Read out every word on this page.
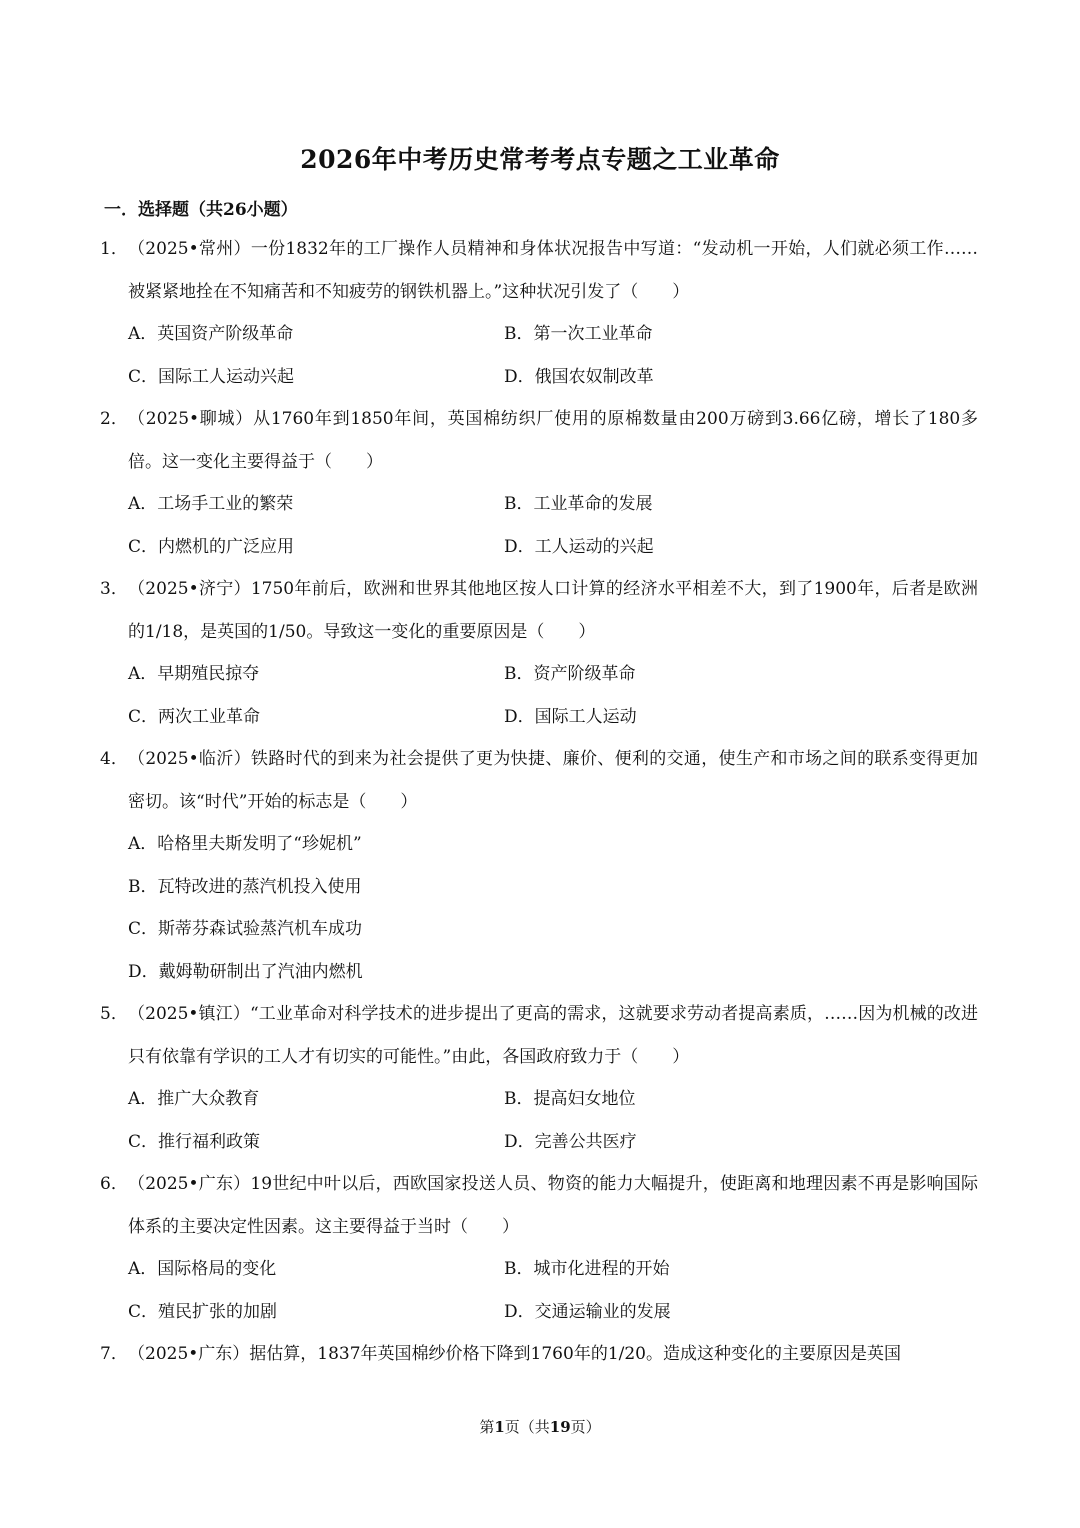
2026年中考历史常考考点专题之工业革命
一．选择题（共26小题）
1． （2025•常州）一份1832年的工厂操作人员精神和身体状况报告中写道：“发动机一开始，人们就必须工作……被紧紧地拴在不知痛苦和不知疲劳的钢铁机器上。”这种状况引发了（　　）
A．英国资产阶级革命	B．第一次工业革命
C．国际工人运动兴起	D．俄国农奴制改革
2． （2025•聊城）从1760年到1850年间，英国棉纺织厂使用的原棉数量由200万磅到3.66亿磅，增长了180多倍。这一变化主要得益于（　　）
A．工场手工业的繁荣	B．工业革命的发展
C．内燃机的广泛应用	D．工人运动的兴起
3． （2025•济宁）1750年前后，欧洲和世界其他地区按人口计算的经济水平相差不大，到了1900年，后者是欧洲的1/18，是英国的1/50。导致这一变化的重要原因是（　　）
A．早期殖民掠夺	B．资产阶级革命
C．两次工业革命	D．国际工人运动
4． （2025•临沂）铁路时代的到来为社会提供了更为快捷、廉价、便利的交通，使生产和市场之间的联系变得更加密切。该“时代”开始的标志是（　　）
A．哈格里夫斯发明了“珍妮机”
B．瓦特改进的蒸汽机投入使用
C．斯蒂芬森试验蒸汽机车成功
D．戴姆勒研制出了汽油内燃机
5． （2025•镇江）“工业革命对科学技术的进步提出了更高的需求，这就要求劳动者提高素质，……因为机械的改进只有依靠有学识的工人才有切实的可能性。”由此，各国政府致力于（　　）
A．推广大众教育	B．提高妇女地位
C．推行福利政策	D．完善公共医疗
6． （2025•广东）19世纪中叶以后，西欧国家投送人员、物资的能力大幅提升，使距离和地理因素不再是影响国际体系的主要决定性因素。这主要得益于当时（　　）
A．国际格局的变化	B．城市化进程的开始
C．殖民扩张的加剧	D．交通运输业的发展
7． （2025•广东）据估算，1837年英国棉纱价格下降到1760年的1/20。造成这种变化的主要原因是英国
第1页（共19页）
